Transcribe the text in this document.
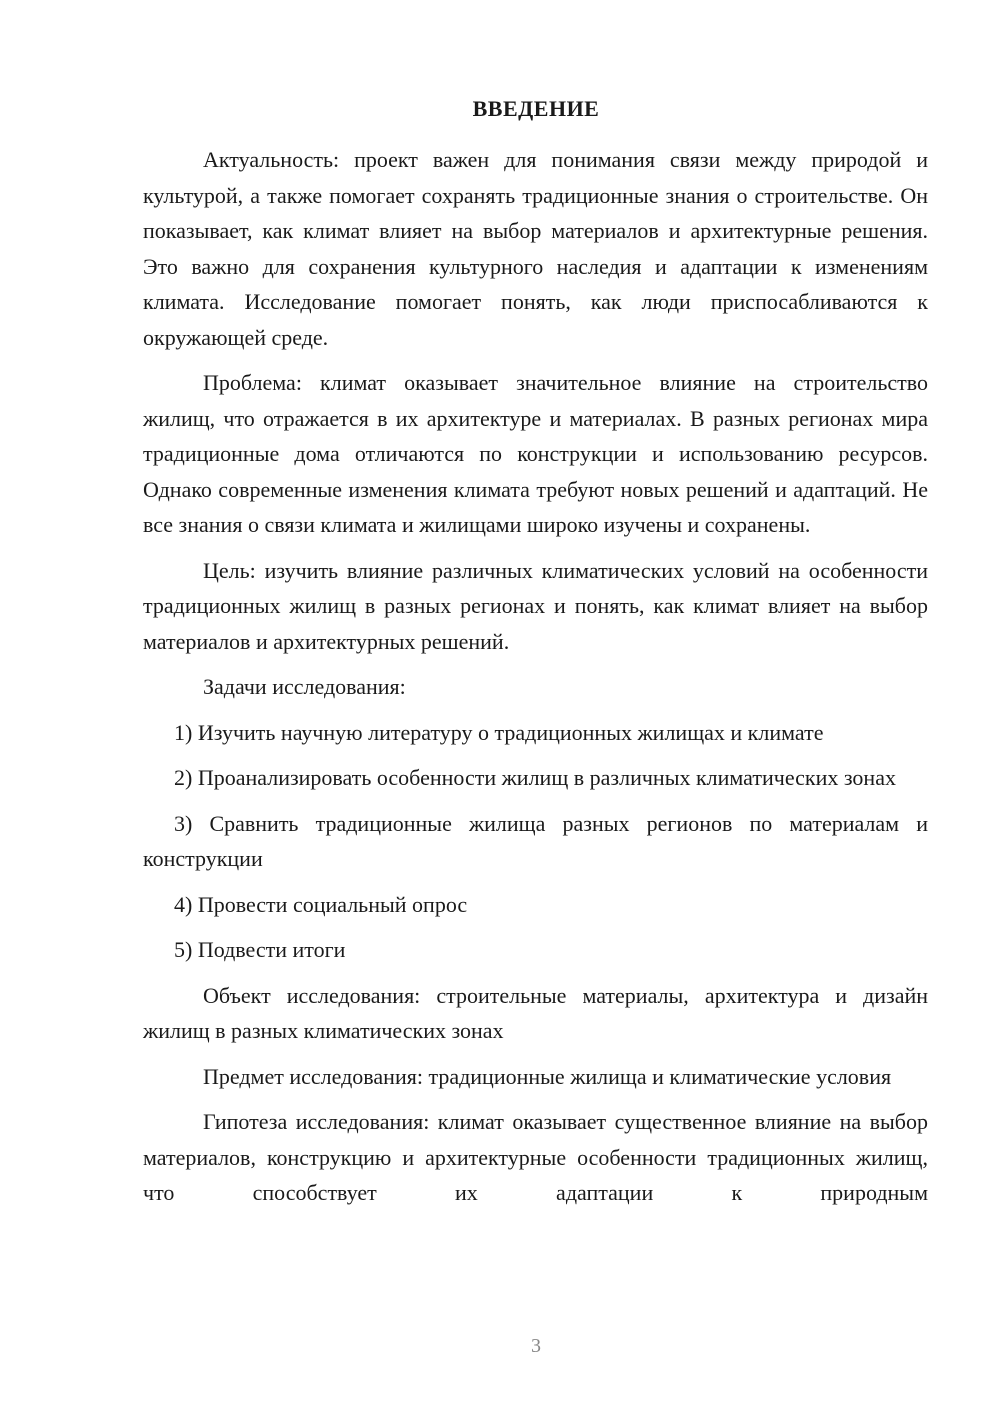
ВВЕДЕНИЕ

Актуальность: проект важен для понимания связи между природой и культурой, а также помогает сохранять традиционные знания о строительстве. Он показывает, как климат влияет на выбор материалов и архитектурные решения. Это важно для сохранения культурного наследия и адаптации к изменениям климата. Исследование помогает понять, как люди приспосабливаются к окружающей среде.

Проблема: климат оказывает значительное влияние на строительство жилищ, что отражается в их архитектуре и материалах. В разных регионах мира традиционные дома отличаются по конструкции и использованию ресурсов. Однако современные изменения климата требуют новых решений и адаптаций. Не все знания о связи климата и жилищами широко изучены и сохранены.

Цель: изучить влияние различных климатических условий на особенности традиционных жилищ в разных регионах и понять, как климат влияет на выбор материалов и архитектурных решений.

Задачи исследования:

1) Изучить научную литературу о традиционных жилищах и климате

2) Проанализировать особенности жилищ в различных климатических зонах

3) Сравнить традиционные жилища разных регионов по материалам и конструкции

4) Провести социальный опрос

5) Подвести итоги

Объект исследования: строительные материалы, архитектура и дизайн жилищ в разных климатических зонах

Предмет исследования: традиционные жилища и климатические условия

Гипотеза исследования: климат оказывает существенное влияние на выбор материалов, конструкцию и архитектурные особенности традиционных жилищ, что способствует их адаптации к природным

3
